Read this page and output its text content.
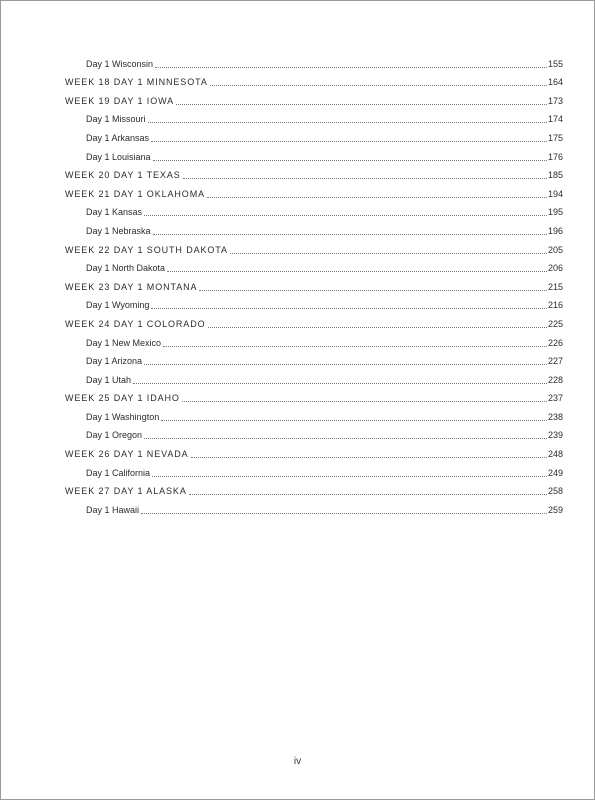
Day 1 Wisconsin	155
WEEK 18 DAY 1 MINNESOTA	164
WEEK 19 DAY 1 IOWA	173
Day 1 Missouri	174
Day 1 Arkansas	175
Day 1 Louisiana	176
WEEK 20 DAY 1 TEXAS	185
WEEK 21 DAY 1 OKLAHOMA	194
Day 1 Kansas	195
Day 1 Nebraska	196
WEEK 22 DAY 1 SOUTH DAKOTA	205
Day 1 North Dakota	206
WEEK 23 DAY 1 MONTANA	215
Day 1 Wyoming	216
WEEK 24 DAY 1 COLORADO	225
Day 1 New Mexico	226
Day 1 Arizona	227
Day 1 Utah	228
WEEK 25 DAY 1 IDAHO	237
Day 1 Washington	238
Day 1 Oregon	239
WEEK 26 DAY 1 NEVADA	248
Day 1 California	249
WEEK 27 DAY 1 ALASKA	258
Day 1 Hawaii	259
iv
